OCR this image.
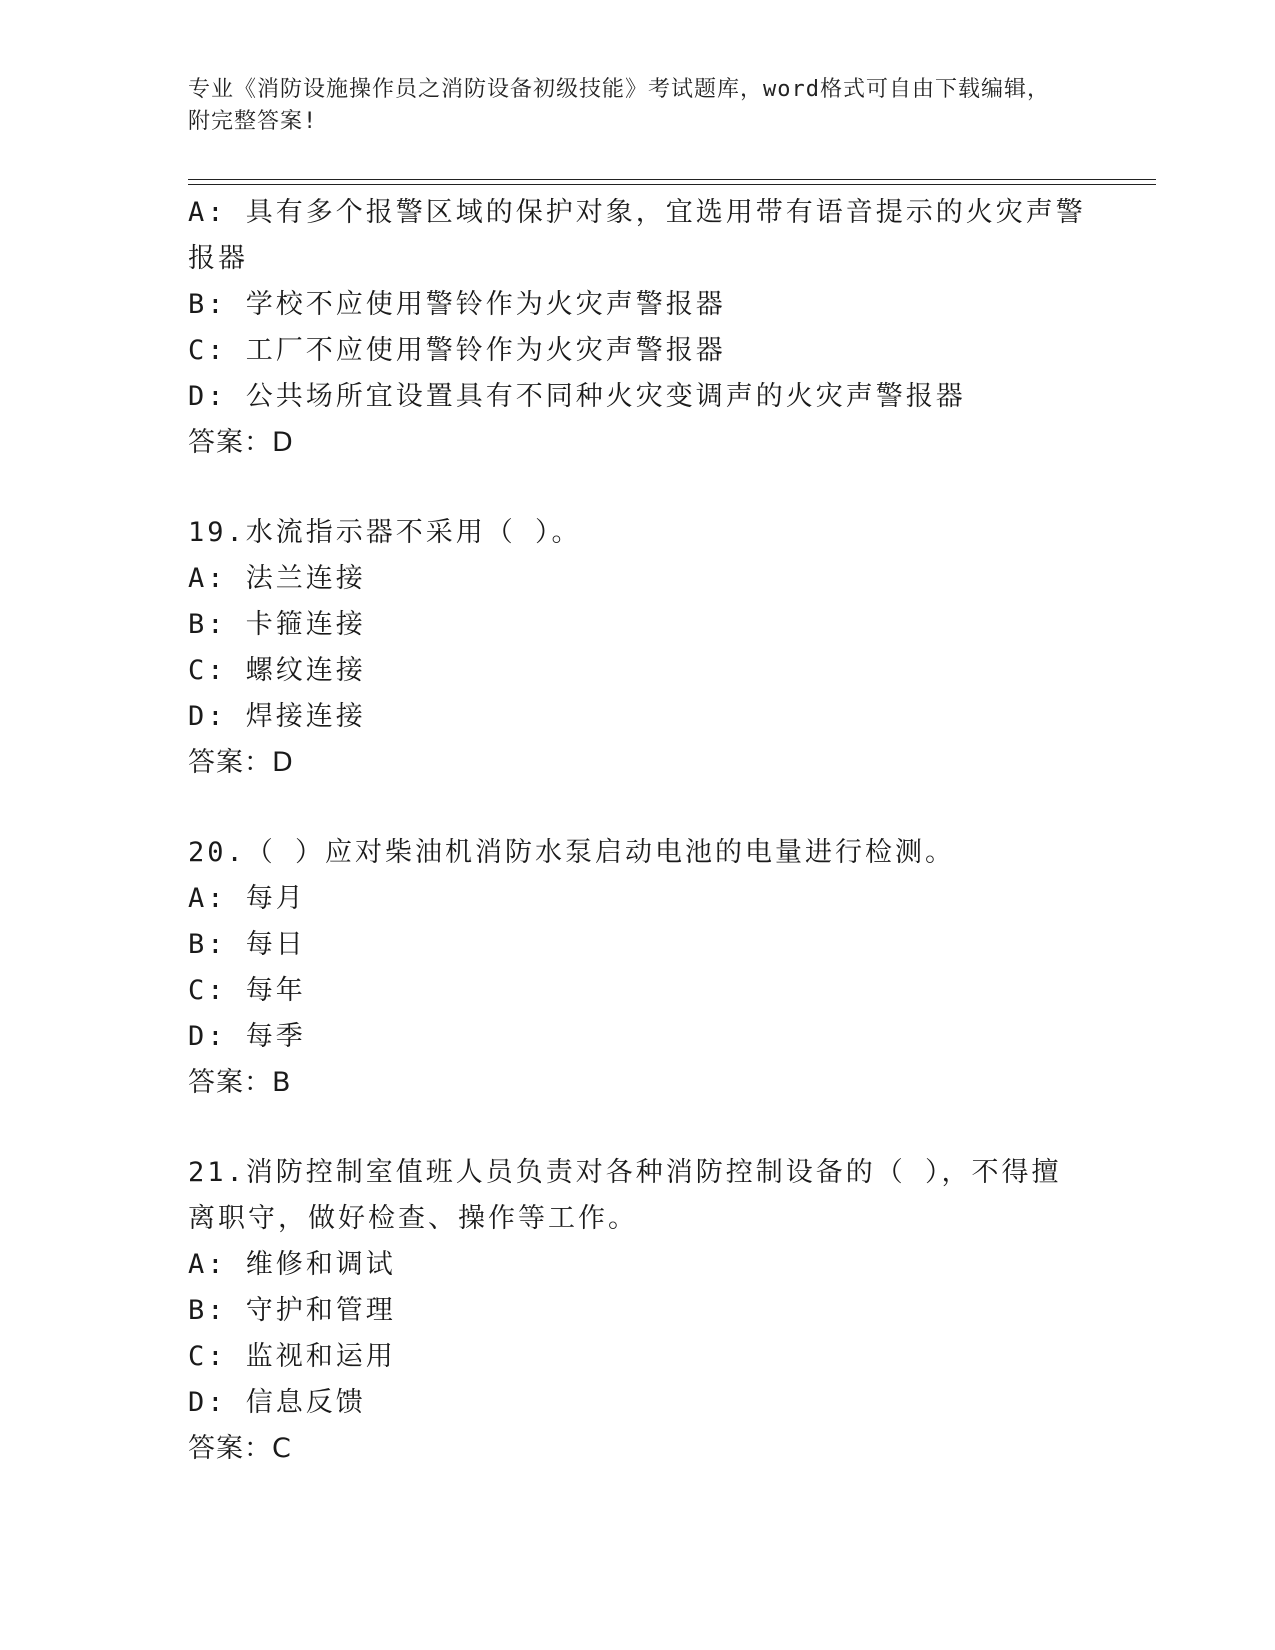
专业《消防设施操作员之消防设备初级技能》考试题库，word格式可自由下载编辑，附完整答案!
A: 具有多个报警区域的保护对象，宜选用带有语音提示的火灾声警报器
B: 学校不应使用警铃作为火灾声警报器
C: 工厂不应使用警铃作为火灾声警报器
D: 公共场所宜设置具有不同种火灾变调声的火灾声警报器
答案：D
19.水流指示器不采用（ ）。
A: 法兰连接
B: 卡箍连接
C: 螺纹连接
D: 焊接连接
答案：D
20.（ ）应对柴油机消防水泵启动电池的电量进行检测。
A: 每月
B: 每日
C: 每年
D: 每季
答案：B
21.消防控制室值班人员负责对各种消防控制设备的（ ），不得擅离职守，做好检查、操作等工作。
A: 维修和调试
B: 守护和管理
C: 监视和运用
D: 信息反馈
答案：C
